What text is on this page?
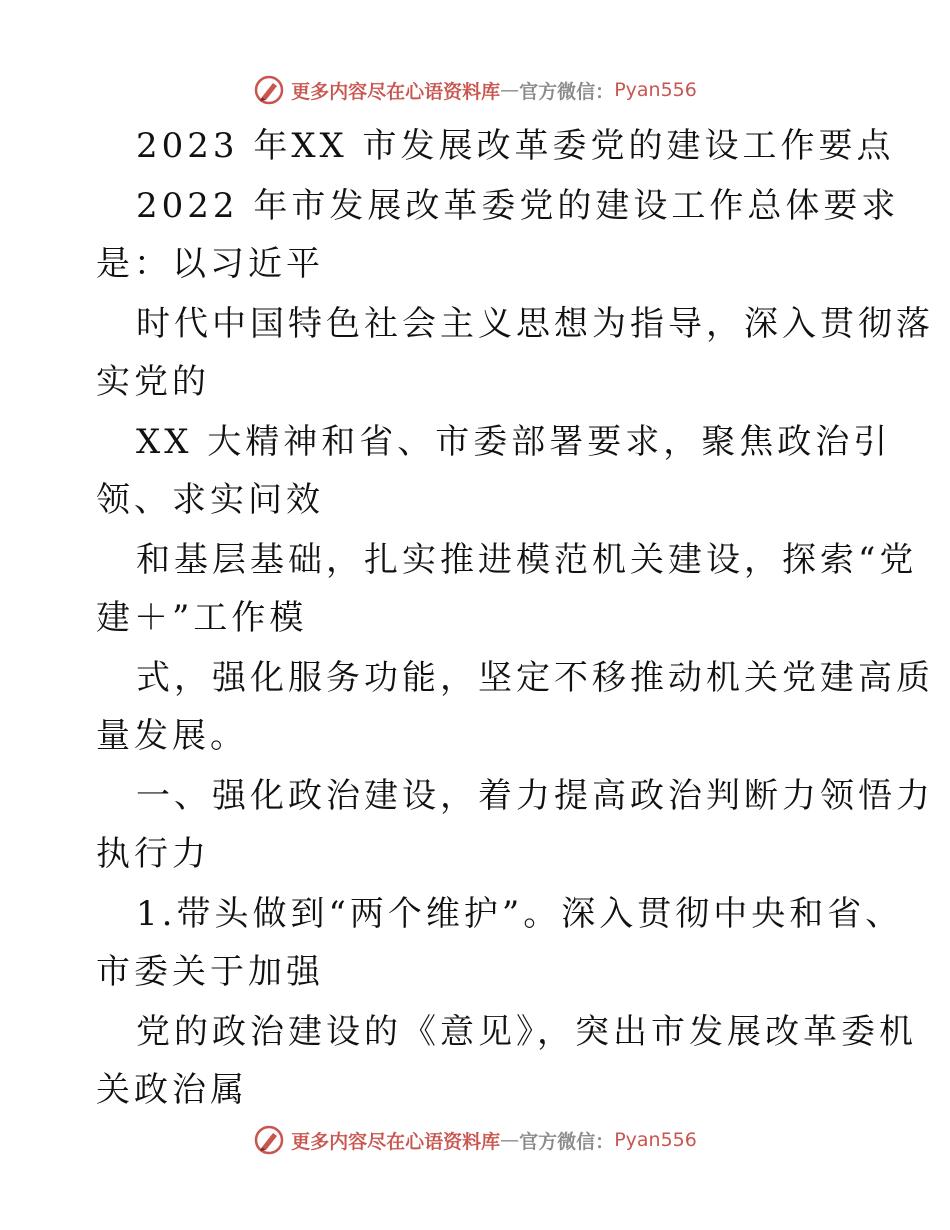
更多内容尽在心语资料库 — 官方微信： Pyan556
2023 年XX 市发展改革委党的建设工作要点
2022 年市发展改革委党的建设工作总体要求
是：以习近平
时代中国特色社会主义思想为指导，深入贯彻落
实党的
XX 大精神和省、市委部署要求，聚焦政治引
领、求实问效
和基层基础，扎实推进模范机关建设，探索“党
建＋”工作模
式，强化服务功能，坚定不移推动机关党建高质
量发展。
一、强化政治建设，着力提高政治判断力领悟力
执行力
1.带头做到“两个维护”。深入贯彻中央和省、
市委关于加强
党的政治建设的《意见》，突出市发展改革委机
关政治属
更多内容尽在心语资料库 — 官方微信： Pyan556
